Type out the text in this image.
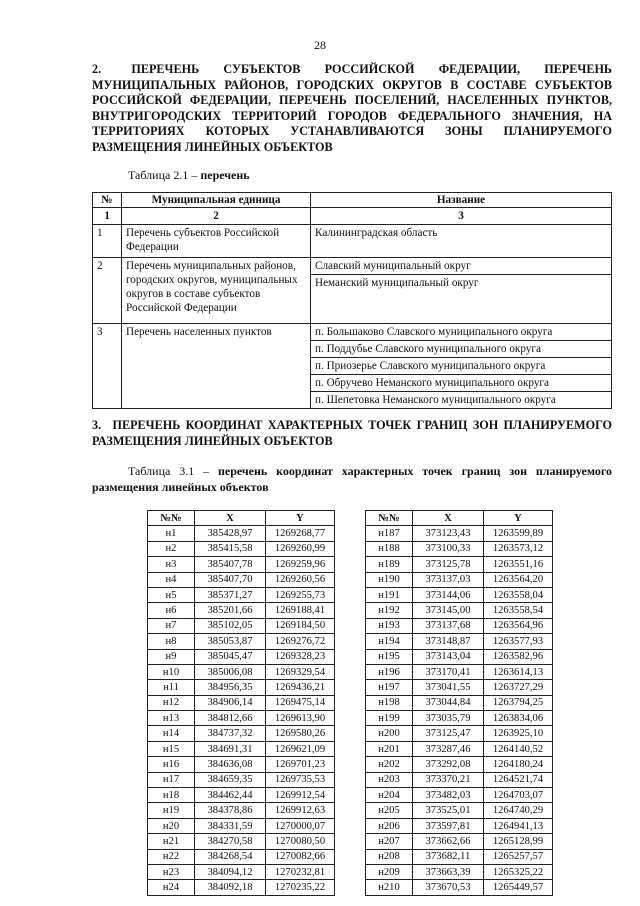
28
2. ПЕРЕЧЕНЬ СУБЪЕКТОВ РОССИЙСКОЙ ФЕДЕРАЦИИ, ПЕРЕЧЕНЬ МУНИЦИПАЛЬНЫХ РАЙОНОВ, ГОРОДСКИХ ОКРУГОВ В СОСТАВЕ СУБЪЕКТОВ РОССИЙСКОЙ ФЕДЕРАЦИИ, ПЕРЕЧЕНЬ ПОСЕЛЕНИЙ, НАСЕЛЕННЫХ ПУНКТОВ, ВНУТРИГОРОДСКИХ ТЕРРИТОРИЙ ГОРОДОВ ФЕДЕРАЛЬНОГО ЗНАЧЕНИЯ, НА ТЕРРИТОРИЯХ КОТОРЫХ УСТАНАВЛИВАЮТСЯ ЗОНЫ ПЛАНИРУЕМОГО РАЗМЕЩЕНИЯ ЛИНЕЙНЫХ ОБЪЕКТОВ
Таблица 2.1 – перечень
№	Муниципальная единица	Название
1	2	3
1	Перечень субъектов Российской Федерации	Калининградская область
2	Перечень муниципальных районов, городских округов, муниципальных округов в составе субъектов Российской Федерации	Славский муниципальный округ
		Неманский муниципальный округ
3	Перечень населенных пунктов	п. Большаково Славского муниципального округа
		п. Поддубье Славского муниципального округа
		п. Приозерье Славского муниципального округа
		п. Обручево Неманского муниципального округа
		п. Шепетовка Неманского муниципального округа
3. ПЕРЕЧЕНЬ КООРДИНАТ ХАРАКТЕРНЫХ ТОЧЕК ГРАНИЦ ЗОН ПЛАНИРУЕМОГО РАЗМЕЩЕНИЯ ЛИНЕЙНЫХ ОБЪЕКТОВ
Таблица 3.1 – перечень координат характерных точек границ зон планируемого размещения линейных объектов
№№	X	Y
н1	385428,97	1269268,77
н2	385415,58	1269260,99
н3	385407,78	1269259,96
н4	385407,70	1269260,56
н5	385371,27	1269255,73
н6	385201,66	1269188,41
н7	385102,05	1269184,50
н8	385053,87	1269276,72
н9	385045,47	1269328,23
н10	385006,08	1269329,54
н11	384956,35	1269436,21
н12	384906,14	1269475,14
н13	384812,66	1269613,90
н14	384737,32	1269580,26
н15	384691,31	1269621,09
н16	384636,08	1269701,23
н17	384659,35	1269735,53
н18	384462,44	1269912,54
н19	384378,86	1269912,63
н20	384331,59	1270000,07
н21	384270,58	1270080,50
н22	384268,54	1270082,66
н23	384094,12	1270232,81
н24	384092,18	1270235,22
№№	X	Y
н187	373123,43	1263599,89
н188	373100,33	1263573,12
н189	373125,78	1263551,16
н190	373137,03	1263564,20
н191	373144,06	1263558,04
н192	373145,00	1263558,54
н193	373137,68	1263564,96
н194	373148,87	1263577,93
н195	373143,04	1263582,96
н196	373170,41	1263614,13
н197	373041,55	1263727,29
н198	373044,84	1263794,25
н199	373035,79	1263834,06
н200	373125,47	1263925,10
н201	373287,46	1264140,52
н202	373292,08	1264180,24
н203	373370,21	1264521,74
н204	373482,03	1264703,07
н205	373525,01	1264740,29
н206	373597,81	1264941,13
н207	373662,66	1265128,99
н208	373682,11	1265257,57
н209	373663,39	1265325,22
н210	373670,53	1265449,57
